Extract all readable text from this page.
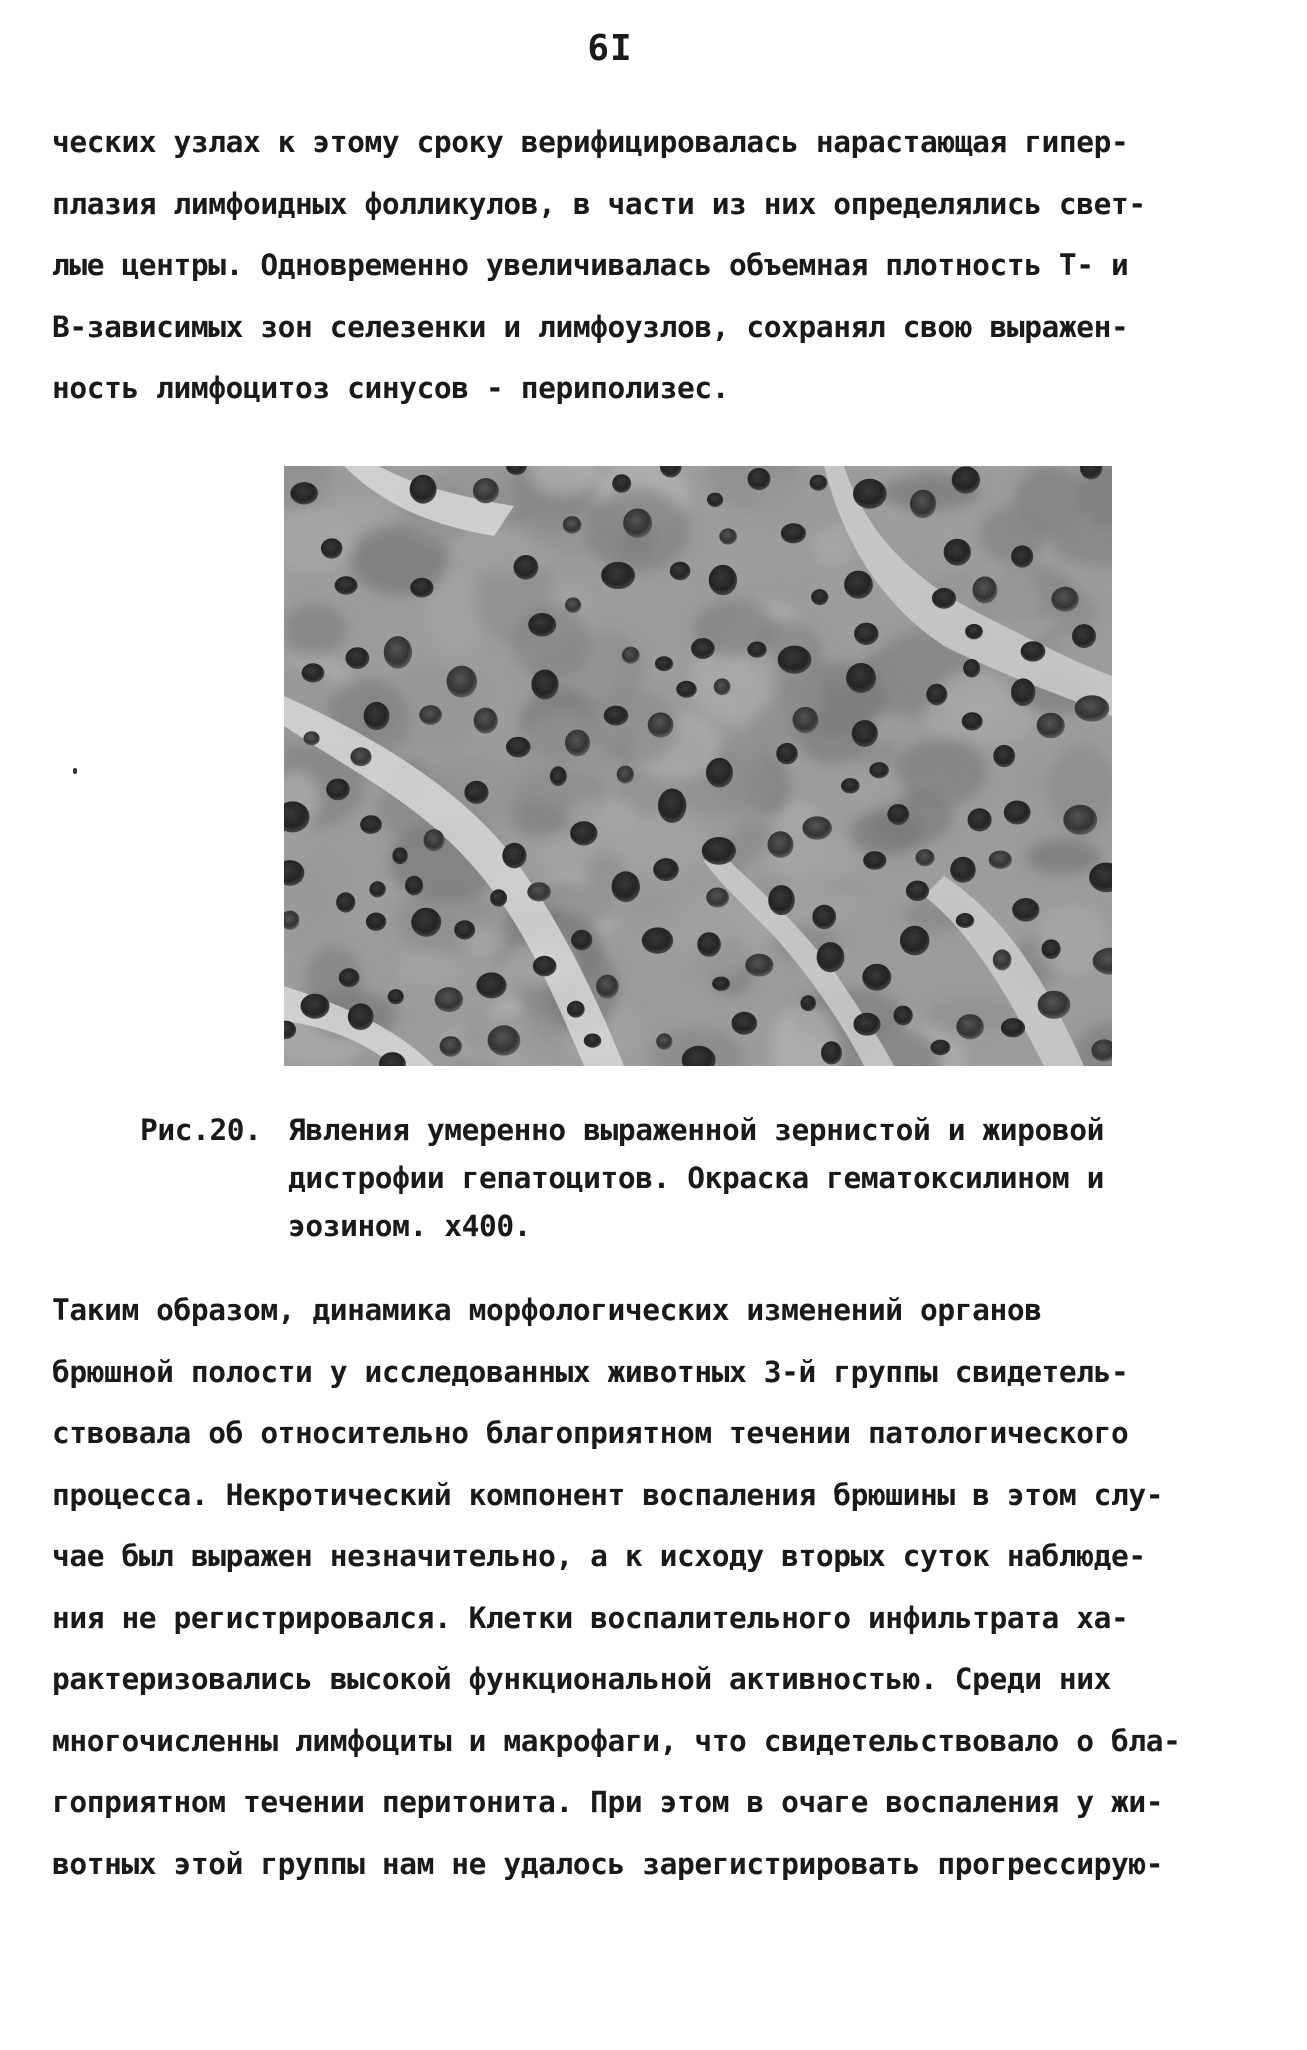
6I
ческих узлах к этому сроку верифицировалась нарастающая гипер-
плазия лимфоидных фолликулов, в части из них определялись свет-
лые центры. Одновременно увеличивалась объемная плотность Т- и
В-зависимых зон селезенки и лимфоузлов, сохранял свою выражен-
ность лимфоцитоз синусов - периполизес.
Рис.20. Явления умеренно выраженной зернистой и жировой
дистрофии гепатоцитов. Окраска гематоксилином и
эозином. х400.
Таким образом, динамика морфологических изменений органов
брюшной полости у исследованных животных 3-й группы свидетель-
ствовала об относительно благоприятном течении патологического
процесса. Некротический компонент воспаления брюшины в этом слу-
чае был выражен незначительно, а к исходу вторых суток наблюде-
ния не регистрировался. Клетки воспалительного инфильтрата ха-
рактеризовались высокой функциональной активностью. Среди них
многочисленны лимфоциты и макрофаги, что свидетельствовало о бла-
гоприятном течении перитонита. При этом в очаге воспаления у жи-
вотных этой группы нам не удалось зарегистрировать прогрессирую-
